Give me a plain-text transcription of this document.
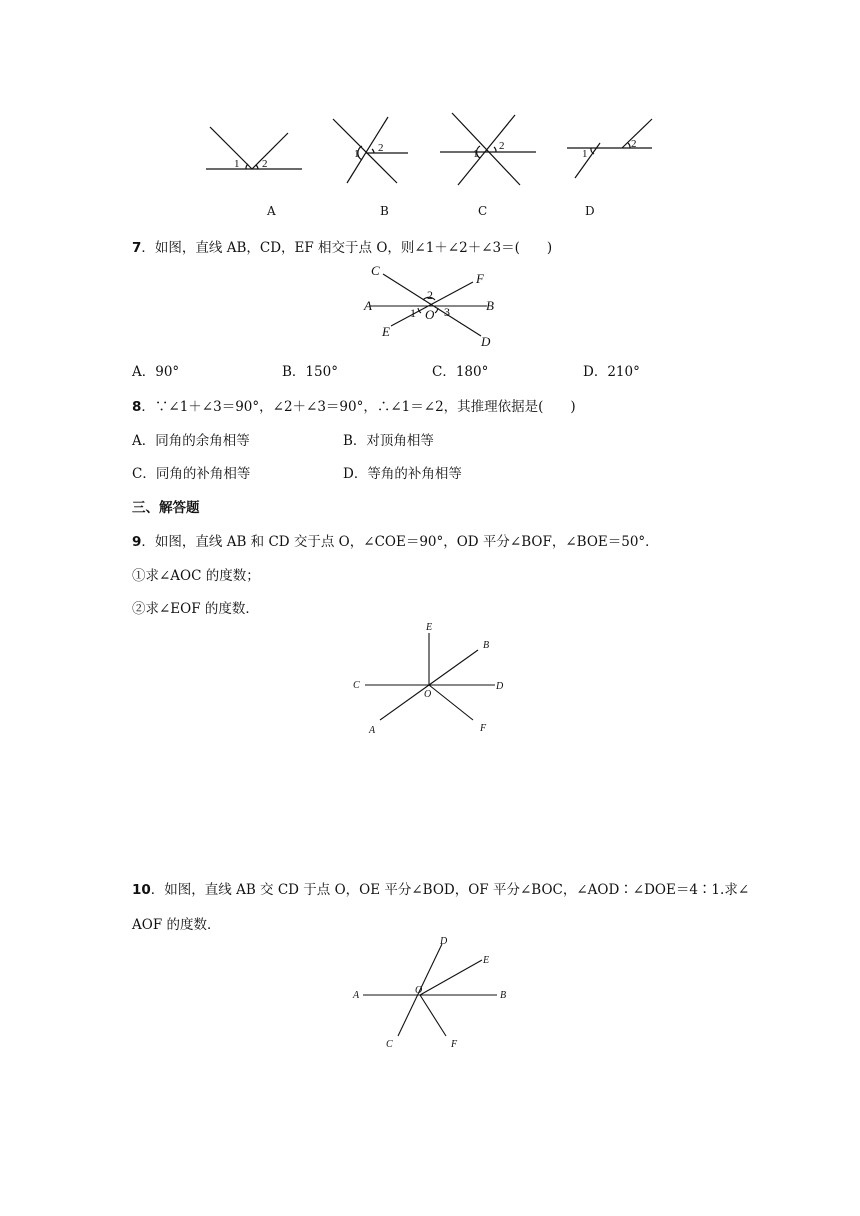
1 2
1 2	1
2
1
2
A	B	C	D
7．如图，直线 AB，CD，EF 相交于点 O，则∠1＋∠2＋∠3＝(　　)
C
F
A	B
E
D
O
2
1 3
A．90°	B．150°	C．180°	D．210°
8．∵∠1＋∠3＝90°，∠2＋∠3＝90°，∴∠1＝∠2，其推理依据是(　　)
A．同角的余角相等	B．对顶角相等
C．同角的补角相等	D．等角的补角相等
三、解答题
9．如图，直线 AB 和 CD 交于点 O，∠COE＝90°，OD 平分∠BOF，∠BOE＝50°．
①求∠AOC 的度数；
②求∠EOF 的度数．
E
B
C
O
D
A	F
10．如图，直线 AB 交 CD 于点 O，OE 平分∠BOD，OF 平分∠BOC，∠AOD∶∠DOE＝4∶1.求∠
AOF 的度数．
D
E
A	O	B
C	F
